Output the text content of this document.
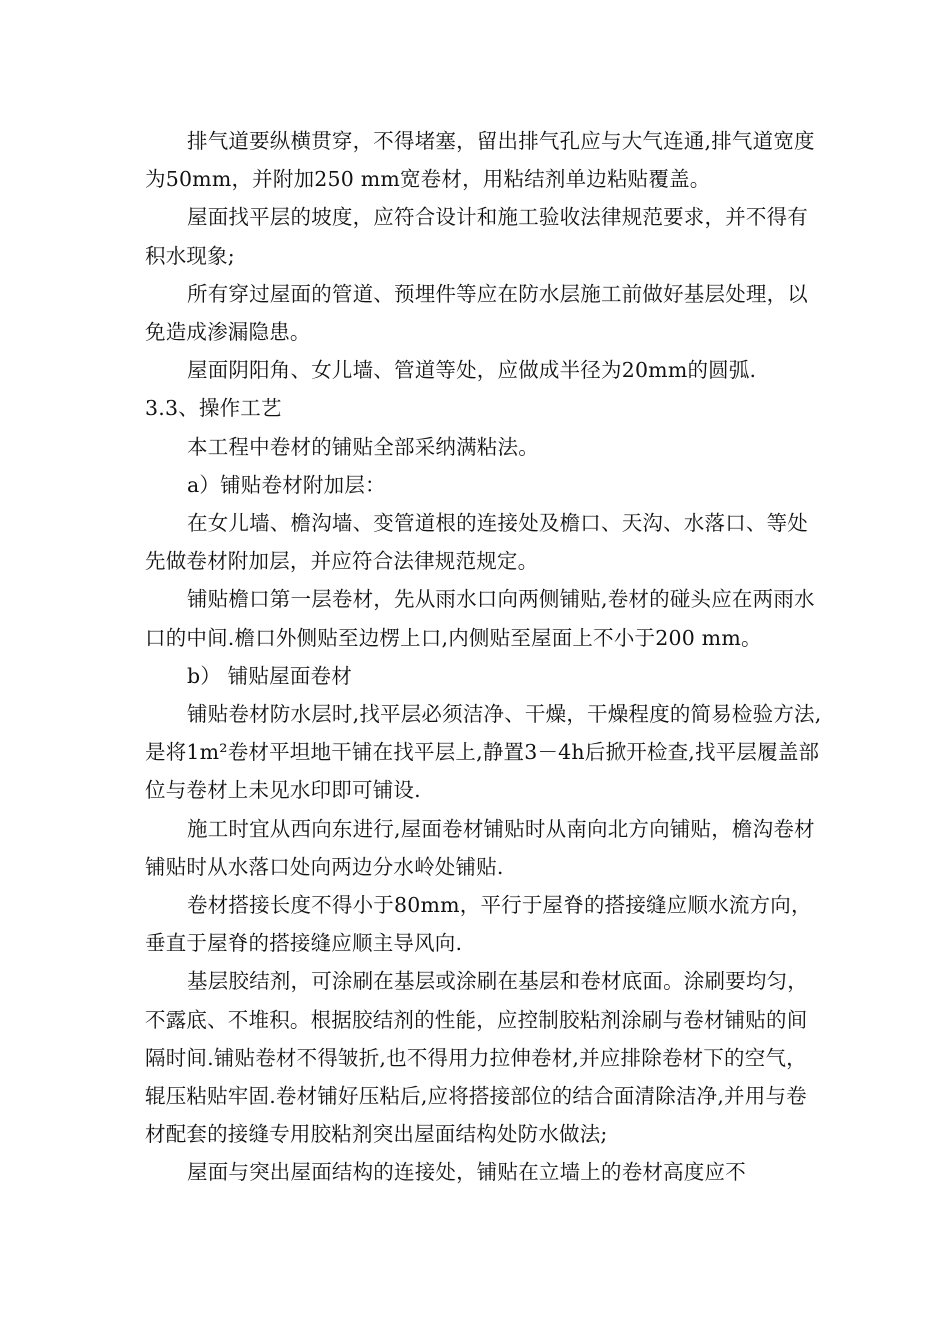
排气道要纵横贯穿，不得堵塞，留出排气孔应与大气连通,排气道宽度为50mm，并附加250 mm宽卷材，用粘结剂单边粘贴覆盖。

屋面找平层的坡度，应符合设计和施工验收法律规范要求，并不得有积水现象;

所有穿过屋面的管道、预埋件等应在防水层施工前做好基层处理，以免造成渗漏隐患。

屋面阴阳角、女儿墙、管道等处，应做成半径为20mm的圆弧.

3.3、操作工艺

本工程中卷材的铺贴全部采纳满粘法。

a）铺贴卷材附加层：

在女儿墙、檐沟墙、变管道根的连接处及檐口、天沟、水落口、等处先做卷材附加层，并应符合法律规范规定。

铺贴檐口第一层卷材，先从雨水口向两侧铺贴,卷材的碰头应在两雨水口的中间.檐口外侧贴至边楞上口,内侧贴至屋面上不小于200 mm。

b） 铺贴屋面卷材

铺贴卷材防水层时,找平层必须洁净、干燥，干燥程度的简易检验方法,是将1m²卷材平坦地干铺在找平层上,静置3－4h后掀开检查,找平层履盖部位与卷材上未见水印即可铺设.

施工时宜从西向东进行,屋面卷材铺贴时从南向北方向铺贴，檐沟卷材铺贴时从水落口处向两边分水岭处铺贴.

卷材搭接长度不得小于80mm，平行于屋脊的搭接缝应顺水流方向，垂直于屋脊的搭接缝应顺主导风向.

基层胶结剂，可涂刷在基层或涂刷在基层和卷材底面。涂刷要均匀，不露底、不堆积。根据胶结剂的性能，应控制胶粘剂涂刷与卷材铺贴的间隔时间.铺贴卷材不得皱折,也不得用力拉伸卷材,并应排除卷材下的空气，辊压粘贴牢固.卷材铺好压粘后,应将搭接部位的结合面清除洁净,并用与卷材配套的接缝专用胶粘剂突出屋面结构处防水做法;

屋面与突出屋面结构的连接处，铺贴在立墙上的卷材高度应不
